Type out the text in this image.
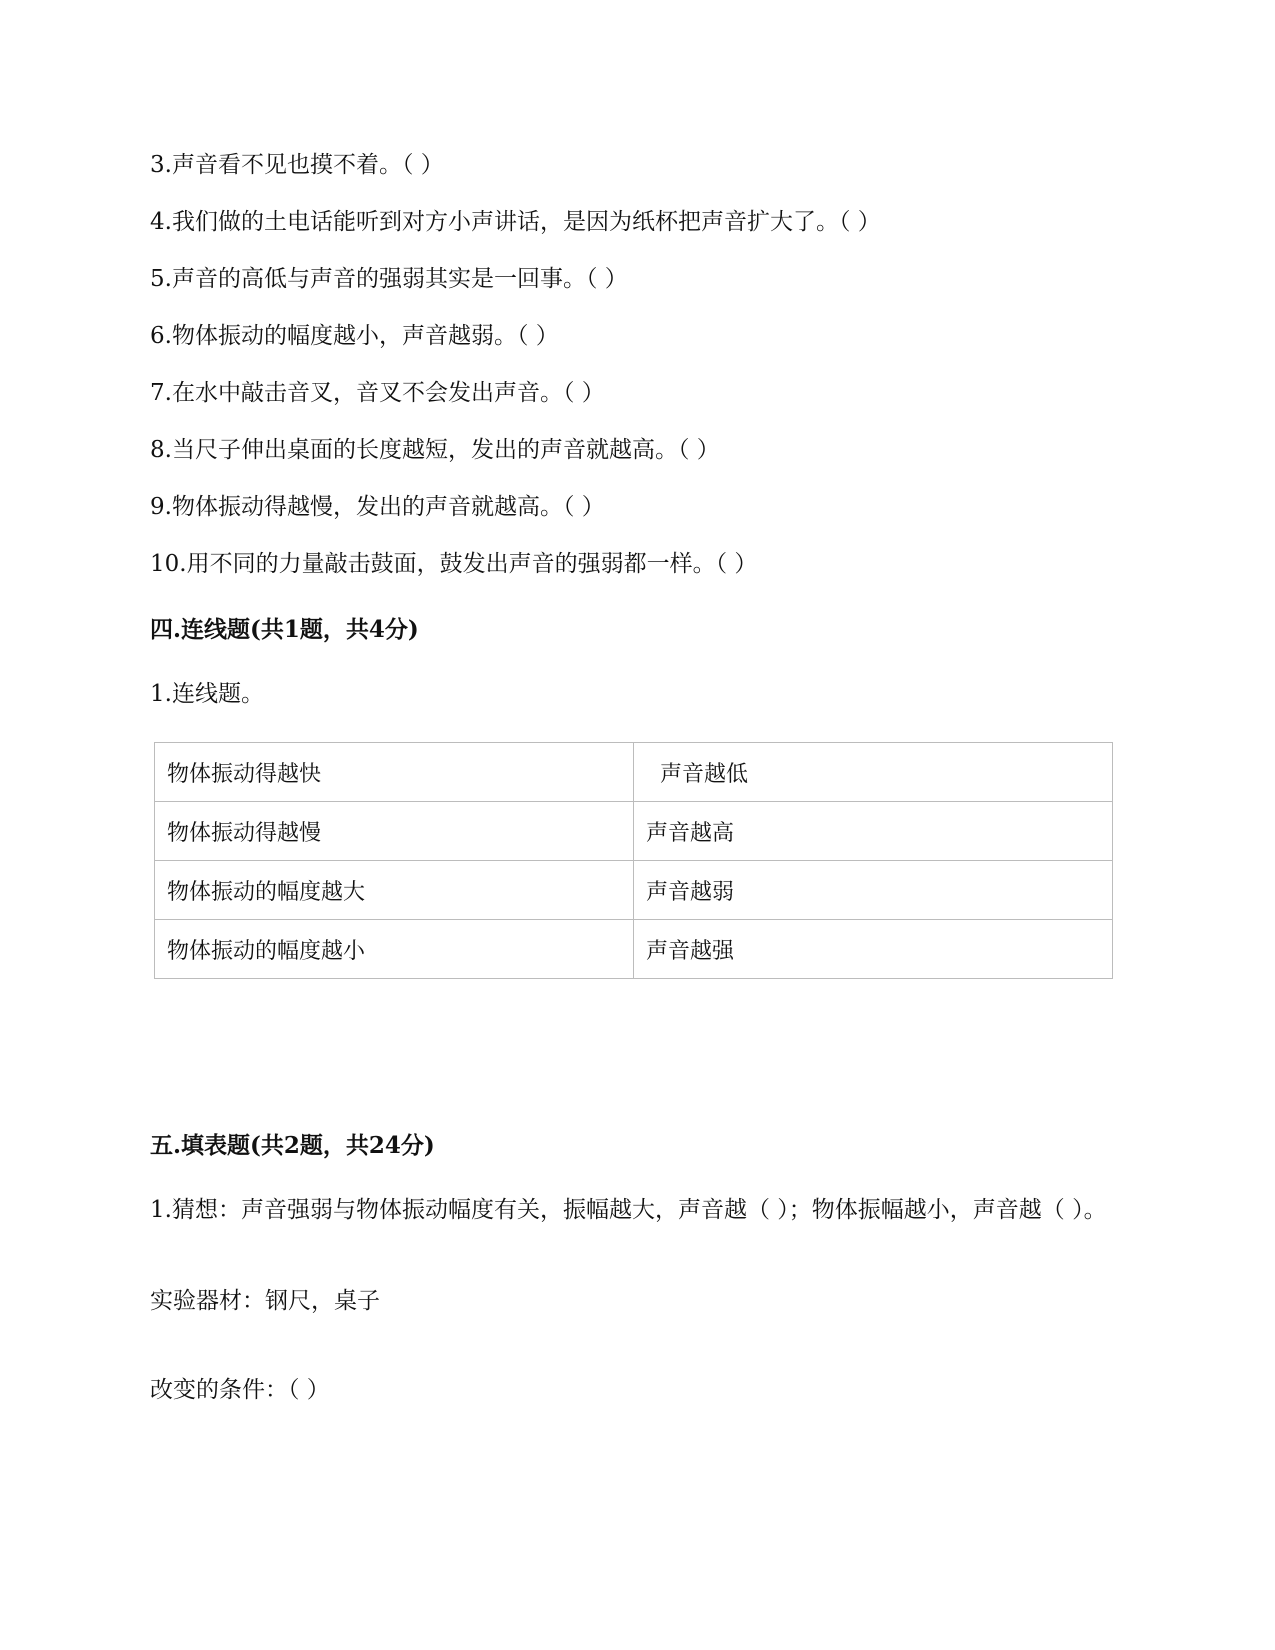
3.声音看不见也摸不着。（ ）
4.我们做的土电话能听到对方小声讲话，是因为纸杯把声音扩大了。（ ）
5.声音的高低与声音的强弱其实是一回事。（ ）
6.物体振动的幅度越小，声音越弱。（ ）
7.在水中敲击音叉，音叉不会发出声音。（ ）
8.当尺子伸出桌面的长度越短，发出的声音就越高。（ ）
9.物体振动得越慢，发出的声音就越高。（ ）
10.用不同的力量敲击鼓面，鼓发出声音的强弱都一样。（ ）
四.连线题(共1题，共4分)
1.连线题。
物体振动得越快	声音越低
物体振动得越慢	声音越高
物体振动的幅度越大	声音越弱
物体振动的幅度越小	声音越强
五.填表题(共2题，共24分)
1.猜想：声音强弱与物体振动幅度有关，振幅越大，声音越（ ）；物体振幅越小，声音越（ ）。
实验器材：钢尺，桌子
改变的条件：（ ）
